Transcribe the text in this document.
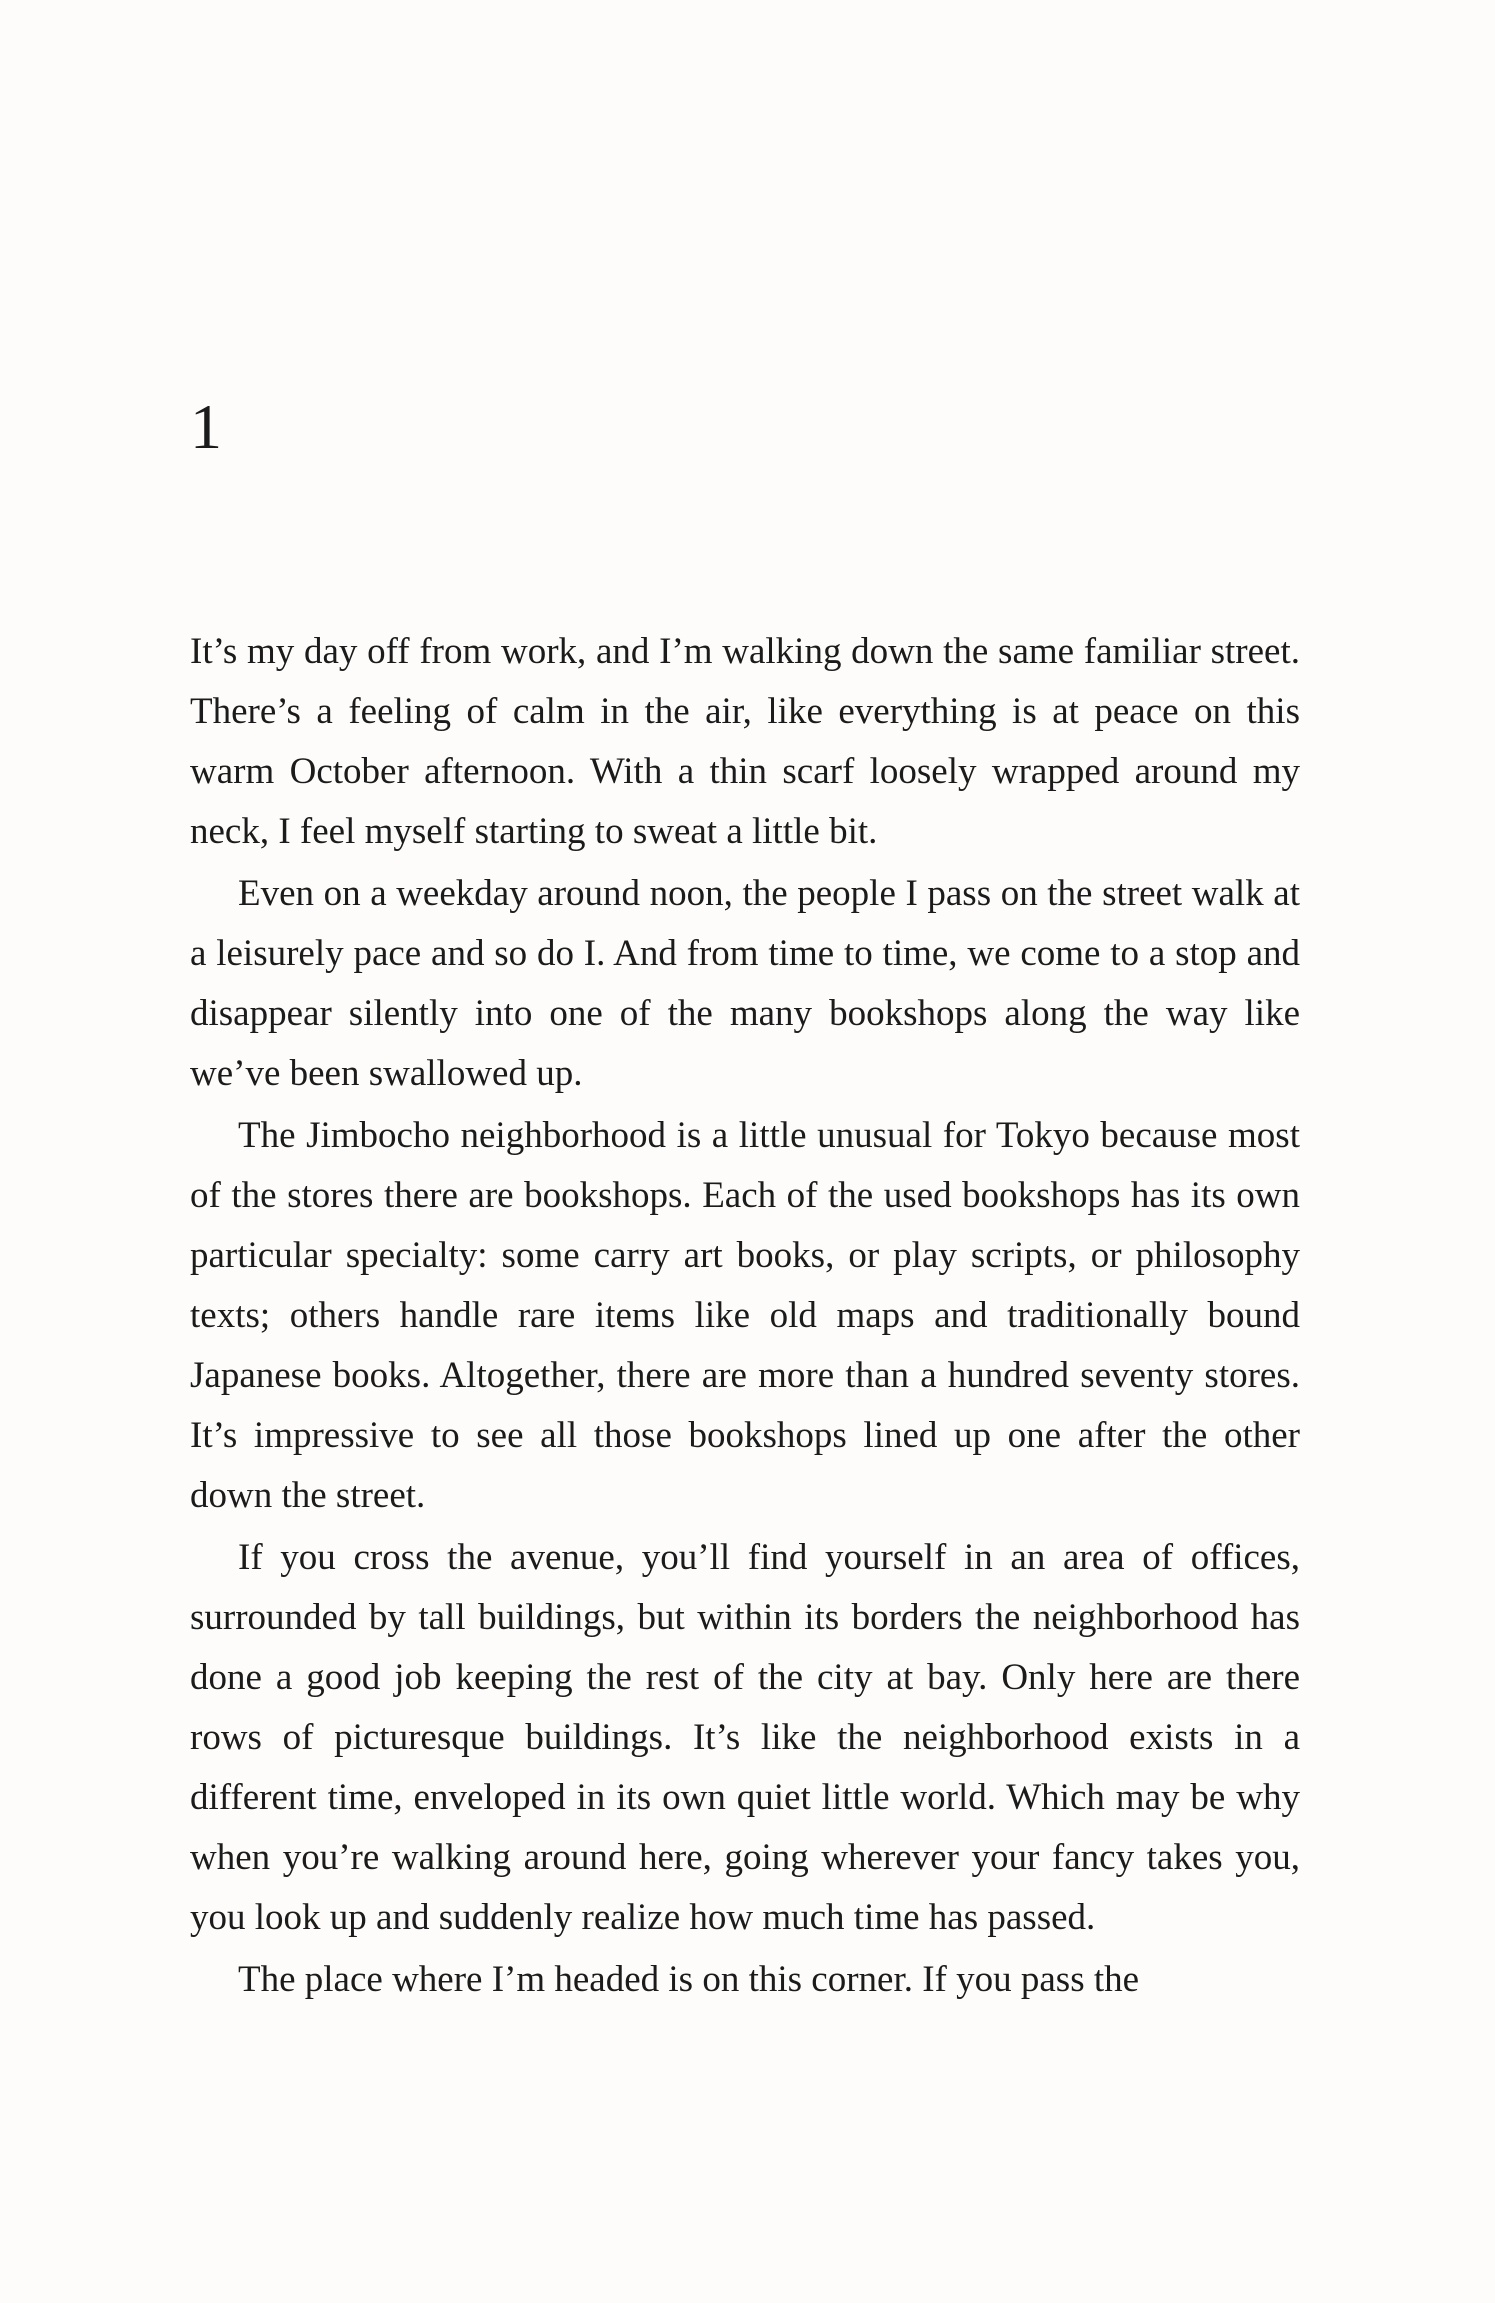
1

It’s my day off from work, and I’m walking down the same familiar street. There’s a feeling of calm in the air, like everything is at peace on this warm October afternoon. With a thin scarf loosely wrapped around my neck, I feel myself starting to sweat a little bit.

Even on a weekday around noon, the people I pass on the street walk at a leisurely pace and so do I. And from time to time, we come to a stop and disappear silently into one of the many bookshops along the way like we’ve been swallowed up.

The Jimbocho neighborhood is a little unusual for Tokyo because most of the stores there are bookshops. Each of the used bookshops has its own particular specialty: some carry art books, or play scripts, or philosophy texts; others handle rare items like old maps and traditionally bound Japanese books. Altogether, there are more than a hundred seventy stores. It’s impressive to see all those bookshops lined up one after the other down the street.

If you cross the avenue, you’ll find yourself in an area of offices, surrounded by tall buildings, but within its borders the neighborhood has done a good job keeping the rest of the city at bay. Only here are there rows of picturesque buildings. It’s like the neighborhood exists in a different time, enveloped in its own quiet little world. Which may be why when you’re walking around here, going wherever your fancy takes you, you look up and suddenly realize how much time has passed.

The place where I’m headed is on this corner. If you pass the
